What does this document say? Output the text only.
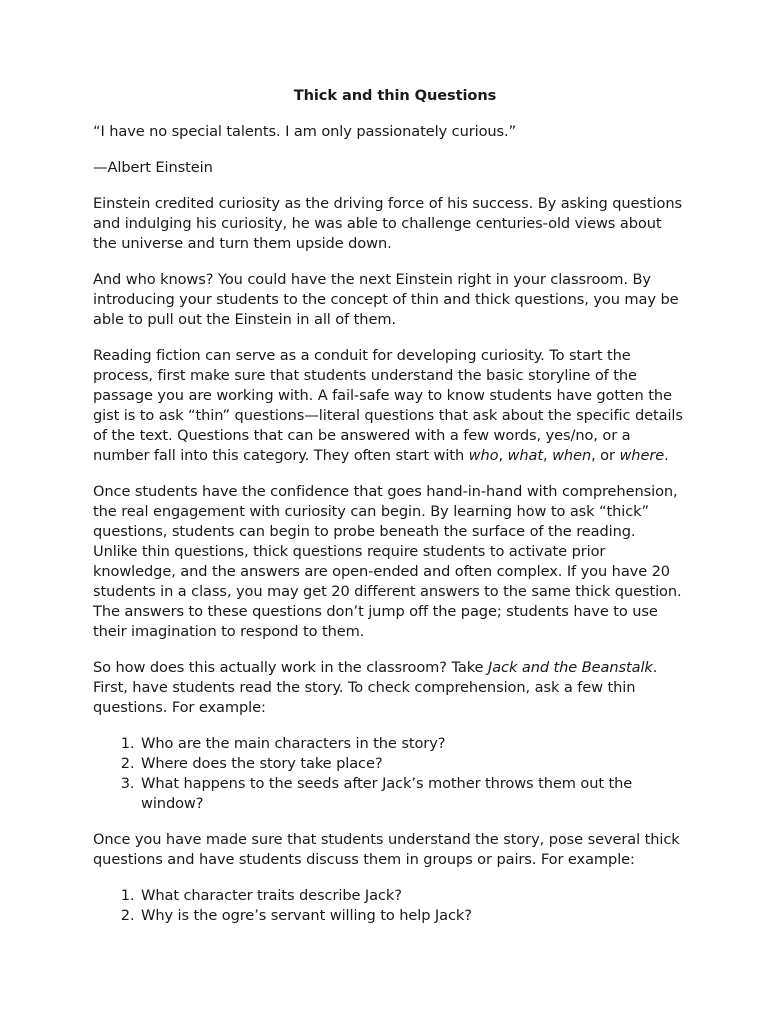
Thick and thin Questions

“I have no special talents. I am only passionately curious.”

—Albert Einstein

Einstein credited curiosity as the driving force of his success. By asking questions and indulging his curiosity, he was able to challenge centuries-old views about the universe and turn them upside down.

And who knows? You could have the next Einstein right in your classroom. By introducing your students to the concept of thin and thick questions, you may be able to pull out the Einstein in all of them.

Reading fiction can serve as a conduit for developing curiosity. To start the process, first make sure that students understand the basic storyline of the passage you are working with. A fail-safe way to know students have gotten the gist is to ask “thin” questions—literal questions that ask about the specific details of the text. Questions that can be answered with a few words, yes/no, or a number fall into this category. They often start with who, what, when, or where.

Once students have the confidence that goes hand-in-hand with comprehension, the real engagement with curiosity can begin. By learning how to ask “thick” questions, students can begin to probe beneath the surface of the reading. Unlike thin questions, thick questions require students to activate prior knowledge, and the answers are open-ended and often complex. If you have 20 students in a class, you may get 20 different answers to the same thick question. The answers to these questions don’t jump off the page; students have to use their imagination to respond to them.

So how does this actually work in the classroom? Take Jack and the Beanstalk. First, have students read the story. To check comprehension, ask a few thin questions. For example:

1. Who are the main characters in the story?
2. Where does the story take place?
3. What happens to the seeds after Jack’s mother throws them out the window?

Once you have made sure that students understand the story, pose several thick questions and have students discuss them in groups or pairs. For example:

1. What character traits describe Jack?
2. Why is the ogre’s servant willing to help Jack?
